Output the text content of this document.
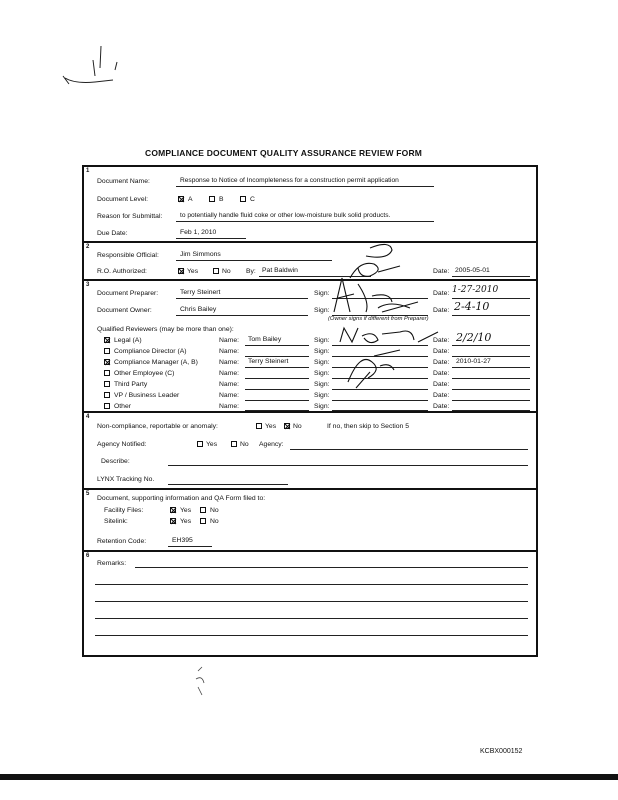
COMPLIANCE DOCUMENT QUALITY ASSURANCE REVIEW FORM
1
2
3
4
5
6
Document Name:	Response to Notice of Incompleteness for a construction permit application
Document Level:	A	B	C
Reason for Submittal:	to potentially handle fluid coke or other low-moisture bulk solid products.
Due Date:	Feb 1, 2010
Responsible Official:	Jim Simmons
R.O. Authorized:	Yes	No By: Pat Baldwin	Date: 2005-05-01
Document Preparer:	Terry Steinert	Sign:	Date: 1-27-2010
Document Owner:	Chris Bailey	Sign:	Date: 2-4-10
(Owner signs if different from Preparer)
Qualified Reviewers (may be more than one):
Legal (A)	Name: Tom Bailey	Sign:	Date: 2/2/10
Compliance Director (A)	Name:	Sign:	Date:
Compliance Manager (A, B)	Name: Terry Steinert	Sign:	Date: 2010-01-27
Other Employee (C)	Name:	Sign:	Date:
Third Party	Name:	Sign:	Date:
VP / Business Leader	Name:	Sign:	Date:
Other	Name:	Sign:	Date:
Non-compliance, reportable or anomaly:	Yes No	If no, then skip to Section 5
Agency Notified:	Yes	No Agency:
Describe:
LYNX Tracking No.
Document, supporting information and QA Form filed to:
Facility Files:	Yes	No
Sitelink:	Yes	No
Retention Code:	EH395
Remarks:
KCBX000152
